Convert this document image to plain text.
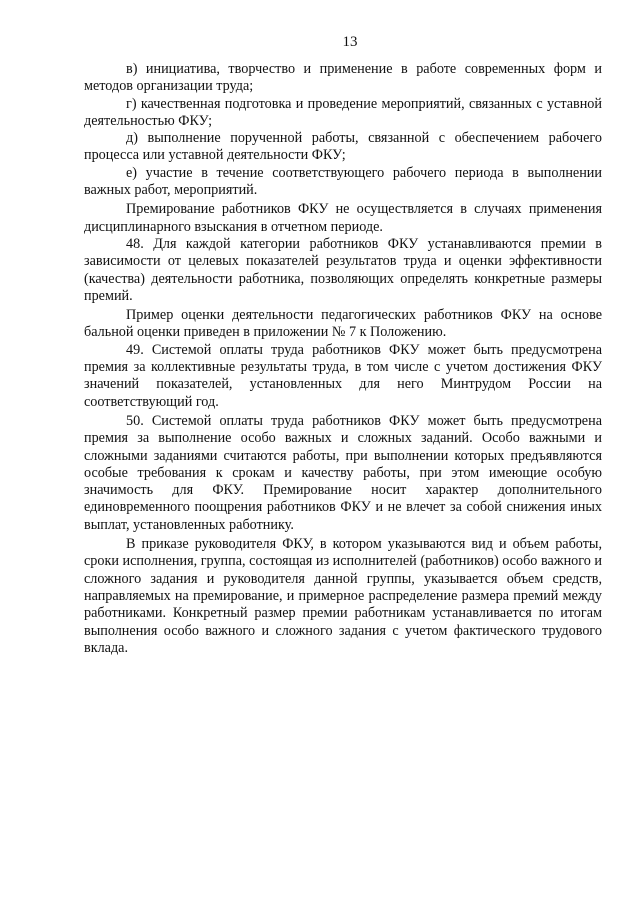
13

в) инициатива, творчество и применение в работе современных форм и методов организации труда;

г) качественная подготовка и проведение мероприятий, связанных с уставной деятельностью ФКУ;

д) выполнение порученной работы, связанной с обеспечением рабочего процесса или уставной деятельности ФКУ;

е) участие в течение соответствующего рабочего периода в выполнении важных работ, мероприятий.

Премирование работников ФКУ не осуществляется в случаях применения дисциплинарного взыскания в отчетном периоде.

48. Для каждой категории работников ФКУ устанавливаются премии в зависимости от целевых показателей результатов труда и оценки эффективности (качества) деятельности работника, позволяющих определять конкретные размеры премий.

Пример оценки деятельности педагогических работников ФКУ на основе бальной оценки приведен в приложении № 7 к Положению.

49. Системой оплаты труда работников ФКУ может быть предусмотрена премия за коллективные результаты труда, в том числе с учетом достижения ФКУ значений показателей, установленных для него Минтрудом России на соответствующий год.

50. Системой оплаты труда работников ФКУ может быть предусмотрена премия за выполнение особо важных и сложных заданий. Особо важными и сложными заданиями считаются работы, при выполнении которых предъявляются особые требования к срокам и качеству работы, при этом имеющие особую значимость для ФКУ. Премирование носит характер дополнительного единовременного поощрения работников ФКУ и не влечет за собой снижения иных выплат, установленных работнику.

В приказе руководителя ФКУ, в котором указываются вид и объем работы, сроки исполнения, группа, состоящая из исполнителей (работников) особо важного и сложного задания и руководителя данной группы, указывается объем средств, направляемых на премирование, и примерное распределение размера премий между работниками. Конкретный размер премии работникам устанавливается по итогам выполнения особо важного и сложного задания с учетом фактического трудового вклада.
